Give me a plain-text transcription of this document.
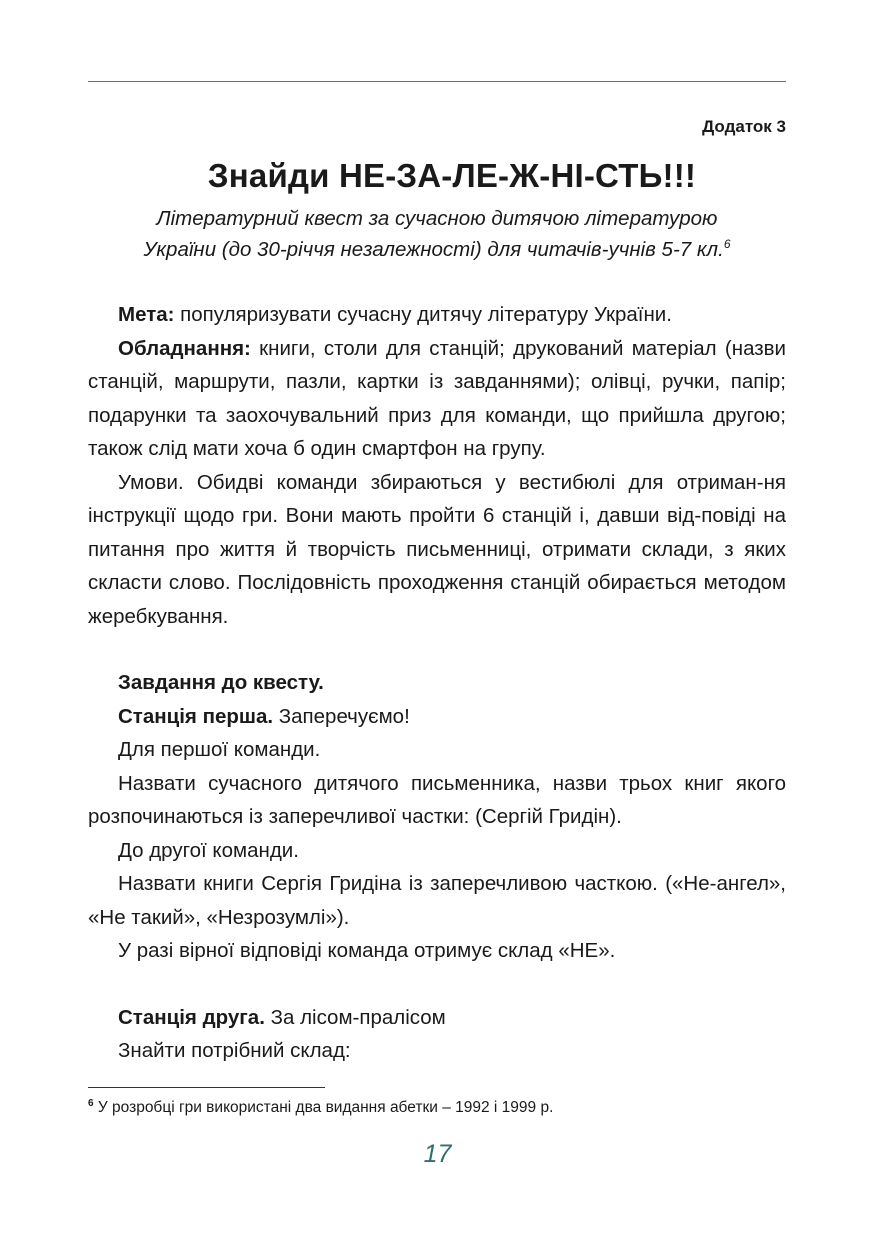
Додаток 3
Знайди НЕ-ЗА-ЛЕ-Ж-НІ-СТЬ!!!
Літературний квест за сучасною дитячою літературою
України (до 30-річчя незалежності) для читачів-учнів 5-7 кл.$^6$

Мета: популяризувати сучасну дитячу літературу України.

Обладнання: книги, столи для станцій; друкований матеріал (назви станцій, маршрути, пазли, картки із завданнями); олівці, ручки, папір; подарунки та заохочувальний приз для команди, що прийшла другою; також слід мати хоча б один смартфон на групу.

Умови. Обидві команди збираються у вестибюлі для отриман-ня інструкції щодо гри. Вони мають пройти 6 станцій і, давши від-повіді на питання про життя й творчість письменниці, отримати склади, з яких скласти слово. Послідовність проходження станцій обирається методом жеребкування.

Завдання до квесту.

Станція перша. Заперечуємо!

Для першої команди.

Назвати сучасного дитячого письменника, назви трьох книг якого розпочинаються із заперечливої частки: (Сергій Гридін).

До другої команди.

Назвати книги Сергія Гридіна із заперечливою часткою. («Не-ангел», «Не такий», «Незрозумлі»).

У разі вірної відповіді команда отримує склад «НЕ».

Станція друга. За лісом-пралісом

Знайти потрібний склад:

$^6$ У розробці гри використані два видання абетки – 1992 і 1999 р.
17
